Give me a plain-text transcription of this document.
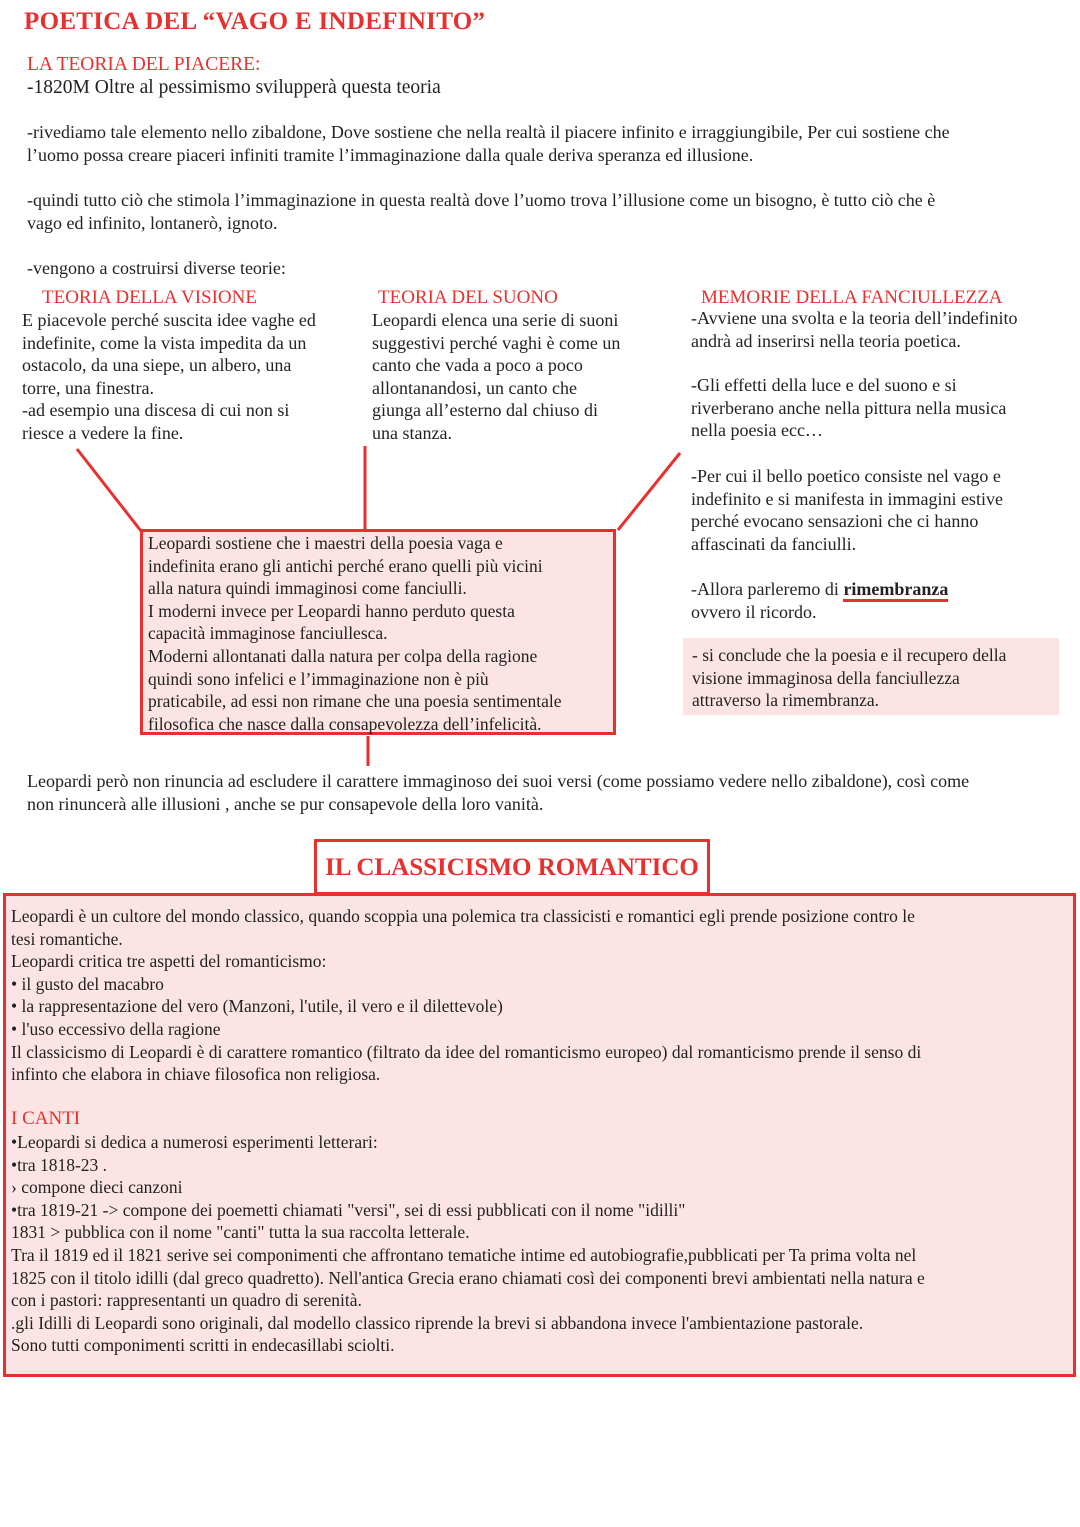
POETICA DEL “VAGO E INDEFINITO”
LA TEORIA DEL PIACERE:
-1820M Oltre al pessimismo svilupperà questa teoria
-rivediamo tale elemento nello zibaldone, Dove sostiene che nella realtà il piacere infinito e irraggiungibile, Per cui sostiene che
l’uomo possa creare piaceri infiniti tramite l’immaginazione dalla quale deriva speranza ed illusione.
-quindi tutto ciò che stimola l’immaginazione in questa realtà dove l’uomo trova l’illusione come un bisogno, è tutto ciò che è
vago ed infinito, lontanerò, ignoto.
-vengono a costruirsi diverse teorie:
TEORIA DELLA VISIONE
E piacevole perché suscita idee vaghe ed
indefinite, come la vista impedita da un
ostacolo, da una siepe, un albero, una
torre, una finestra.
-ad esempio una discesa di cui non si
riesce a vedere la fine.
TEORIA DEL SUONO
Leopardi elenca una serie di suoni
suggestivi perché vaghi è come un
canto che vada a poco a poco
allontanandosi, un canto che
giunga all’esterno dal chiuso di
una stanza.
MEMORIE DELLA FANCIULLEZZA
-Avviene una svolta e la teoria dell’indefinito
andrà ad inserirsi nella teoria poetica.
-Gli effetti della luce e del suono e si
riverberano anche nella pittura nella musica
nella poesia ecc…
-Per cui il bello poetico consiste nel vago e
indefinito e si manifesta in immagini estive
perché evocano sensazioni che ci hanno
affascinati da fanciulli.
-Allora parleremo di rimembranza
ovvero il ricordo.
- si conclude che la poesia e il recupero della
visione immaginosa della fanciullezza
attraverso la rimembranza.
Leopardi sostiene che i maestri della poesia vaga e
indefinita erano gli antichi perché erano quelli più vicini
alla natura quindi immaginosi come fanciulli.
I moderni invece per Leopardi hanno perduto questa
capacità immaginose fanciullesca.
Moderni allontanati dalla natura per colpa della ragione
quindi sono infelici e l’immaginazione non è più
praticabile, ad essi non rimane che una poesia sentimentale
filosofica che nasce dalla consapevolezza dell’infelicità.
Leopardi però non rinuncia ad escludere il carattere immaginoso dei suoi versi (come possiamo vedere nello zibaldone), così come
non rinuncerà alle illusioni , anche se pur consapevole della loro vanità.
IL CLASSICISMO ROMANTICO
Leopardi è un cultore del mondo classico, quando scoppia una polemica tra classicisti e romantici egli prende posizione contro le
tesi romantiche.
Leopardi critica tre aspetti del romanticismo:
• il gusto del macabro
• la rappresentazione del vero (Manzoni, l'utile, il vero e il dilettevole)
• l'uso eccessivo della ragione
Il classicismo di Leopardi è di carattere romantico (filtrato da idee del romanticismo europeo) dal romanticismo prende il senso di
infinto che elabora in chiave filosofica non religiosa.
I CANTI
•Leopardi si dedica a numerosi esperimenti letterari:
•tra 1818-23 .
› compone dieci canzoni
•tra 1819-21 -> compone dei poemetti chiamati "versi", sei di essi pubblicati con il nome "idilli"
1831 > pubblica con il nome "canti" tutta la sua raccolta letterale.
Tra il 1819 ed il 1821 serive sei componimenti che affrontano tematiche intime ed autobiografie,pubblicati per Ta prima volta nel
1825 con il titolo idilli (dal greco quadretto). Nell'antica Grecia erano chiamati così dei componenti brevi ambientati nella natura e
con i pastori: rappresentanti un quadro di serenità.
.gli Idilli di Leopardi sono originali, dal modello classico riprende la brevi si abbandona invece l'ambientazione pastorale.
Sono tutti componimenti scritti in endecasillabi sciolti.
